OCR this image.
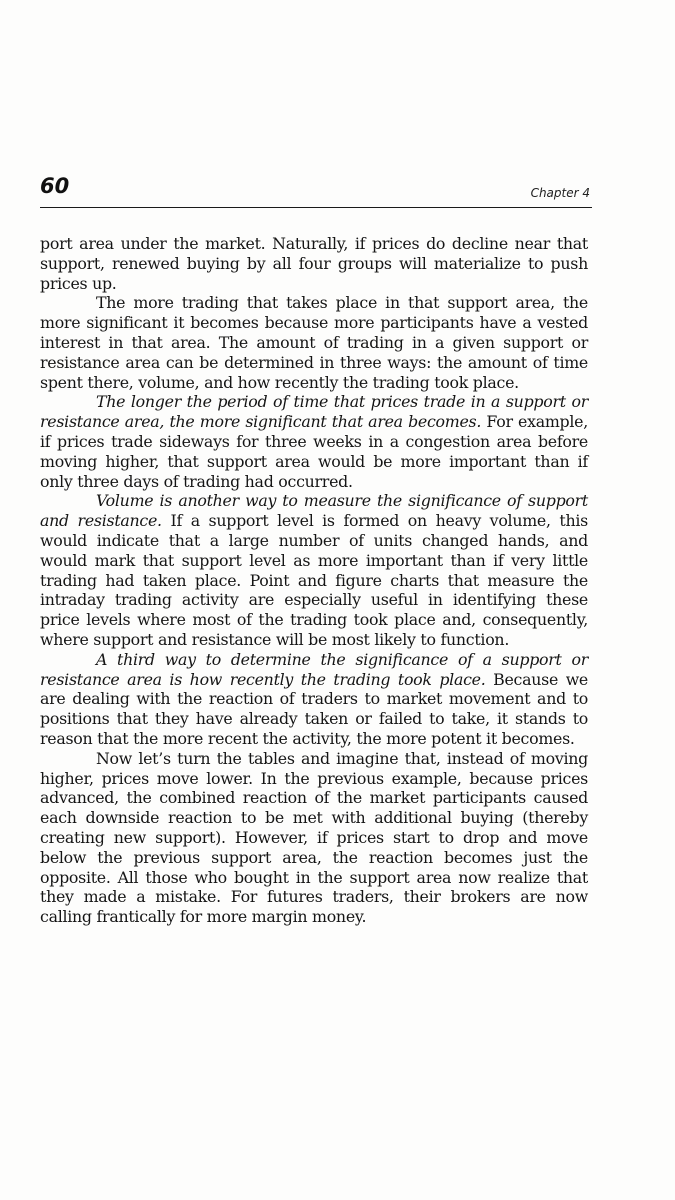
60	Chapter 4

port area under the market. Naturally, if prices do decline near that support, renewed buying by all four groups will materialize to push prices up.

The more trading that takes place in that support area, the more significant it becomes because more participants have a vested interest in that area. The amount of trading in a given support or resistance area can be determined in three ways: the amount of time spent there, volume, and how recently the trading took place.

The longer the period of time that prices trade in a support or resistance area, the more significant that area becomes. For example, if prices trade sideways for three weeks in a congestion area before moving higher, that support area would be more important than if only three days of trading had occurred.

Volume is another way to measure the significance of support and resistance. If a support level is formed on heavy volume, this would indicate that a large number of units changed hands, and would mark that support level as more important than if very little trading had taken place. Point and figure charts that measure the intraday trading activity are especially useful in identifying these price levels where most of the trading took place and, consequently, where support and resistance will be most likely to function.

A third way to determine the significance of a support or resistance area is how recently the trading took place. Because we are dealing with the reaction of traders to market movement and to positions that they have already taken or failed to take, it stands to reason that the more recent the activity, the more potent it becomes.

Now let’s turn the tables and imagine that, instead of moving higher, prices move lower. In the previous example, because prices advanced, the combined reaction of the market participants caused each downside reaction to be met with additional buying (thereby creating new support). However, if prices start to drop and move below the previous support area, the reaction becomes just the opposite. All those who bought in the support area now realize that they made a mistake. For futures traders, their brokers are now calling frantically for more margin money.
